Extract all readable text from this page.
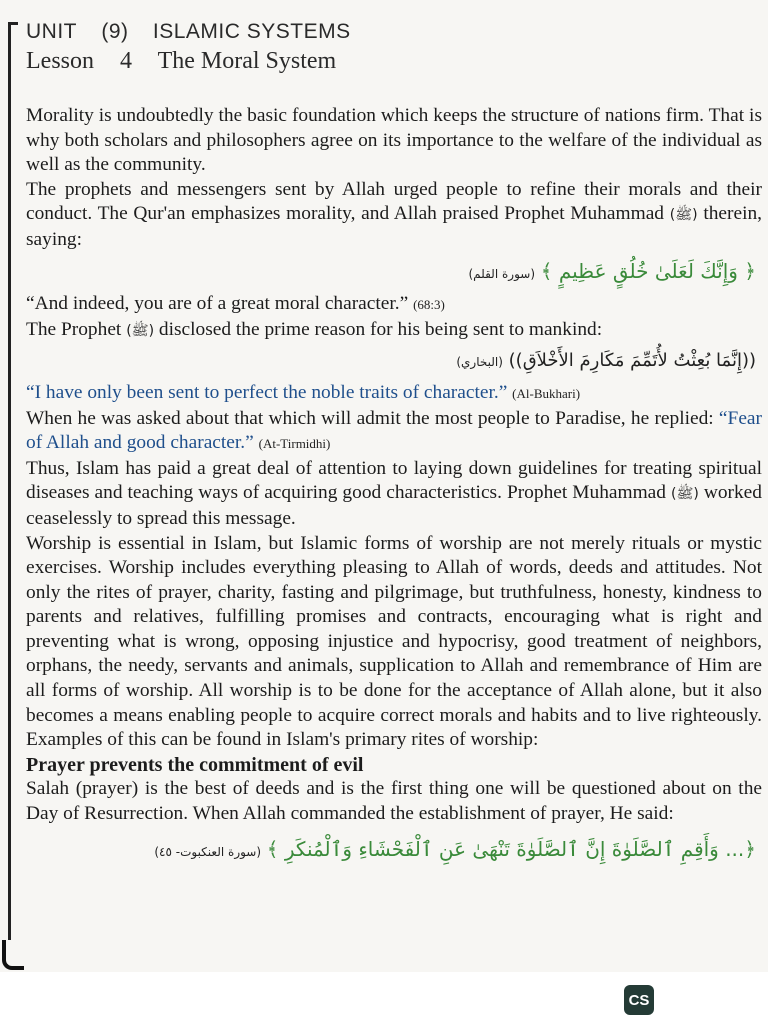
UNIT (9) ISLAMIC SYSTEMS
Lesson 4 The Moral System

Morality is undoubtedly the basic foundation which keeps the structure of nations firm. That is why both scholars and philosophers agree on its importance to the welfare of the individual as well as the community.

The prophets and messengers sent by Allah urged people to refine their morals and their conduct. The Qur'an emphasizes morality, and Allah praised Prophet Muhammad (ﷺ) therein, saying:

﴿ وَإِنَّكَ لَعَلَىٰ خُلُقٍ عَظِيمٍ ﴾ (سورة القلم)

“And indeed, you are of a great moral character.” (68:3)

The Prophet (ﷺ) disclosed the prime reason for his being sent to mankind:

((إِنَّمَا بُعِثْتُ لأُتَمِّمَ مَكَارِمَ الأَخْلاَقِ)) (البخاري)

“I have only been sent to perfect the noble traits of character.” (Al-Bukhari)

When he was asked about that which will admit the most people to Paradise, he replied: “Fear of Allah and good character.” (At-Tirmidhi)

Thus, Islam has paid a great deal of attention to laying down guidelines for treating spiritual diseases and teaching ways of acquiring good characteristics. Prophet Muhammad (ﷺ) worked ceaselessly to spread this message.

Worship is essential in Islam, but Islamic forms of worship are not merely rituals or mystic exercises. Worship includes everything pleasing to Allah of words, deeds and attitudes. Not only the rites of prayer, charity, fasting and pilgrimage, but truthfulness, honesty, kindness to parents and relatives, fulfilling promises and contracts, encouraging what is right and preventing what is wrong, opposing injustice and hypocrisy, good treatment of neighbors, orphans, the needy, servants and animals, supplication to Allah and remembrance of Him are all forms of worship. All worship is to be done for the acceptance of Allah alone, but it also becomes a means enabling people to acquire correct morals and habits and to live righteously. Examples of this can be found in Islam's primary rites of worship:

Prayer prevents the commitment of evil

Salah (prayer) is the best of deeds and is the first thing one will be questioned about on the Day of Resurrection. When Allah commanded the establishment of prayer, He said:

﴿... وَأَقِمِ ٱلصَّلَوٰةَ إِنَّ ٱلصَّلَوٰةَ تَنْهَىٰ عَنِ ٱلْفَحْشَاءِ وَٱلْمُنكَرِ ﴾ (سورة العنكبوت- ٤٥)
CS
